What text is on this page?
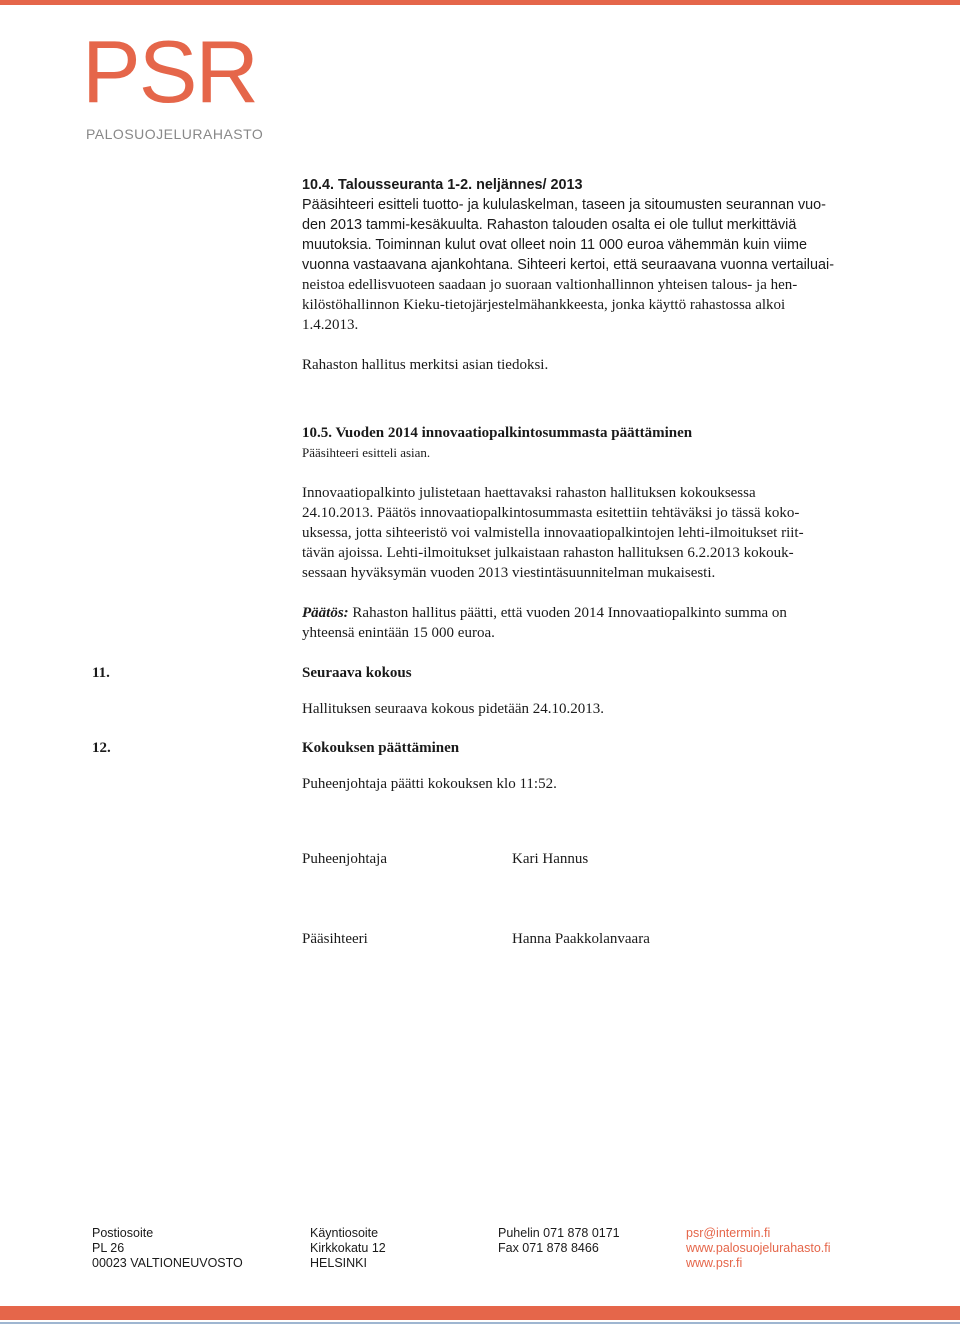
PSR
PALOSUOJELURAHASTO

10.4. Talousseuranta 1-2. neljännes/ 2013

Pääsihteeri esitteli tuotto- ja kululaskelman, taseen ja sitoumusten seurannan vuo-

den 2013 tammi-kesäkuulta. Rahaston talouden osalta ei ole tullut merkittäviä

muutoksia. Toiminnan kulut ovat olleet noin 11 000 euroa vähemmän kuin viime

vuonna vastaavana ajankohtana. Sihteeri kertoi, että seuraavana vuonna vertailuai-

neistoa edellisvuoteen saadaan jo suoraan valtionhallinnon yhteisen talous- ja hen-

kilöstöhallinnon Kieku-tietojärjestelmähankkeesta, jonka käyttö rahastossa alkoi

1.4.2013.

Rahaston hallitus merkitsi asian tiedoksi.

10.5. Vuoden 2014 innovaatiopalkintosummasta päättäminen

Pääsihteeri esitteli asian.

Innovaatiopalkinto julistetaan haettavaksi rahaston hallituksen kokouksessa

24.10.2013. Päätös innovaatiopalkintosummasta esitettiin tehtäväksi jo tässä koko-

uksessa, jotta sihteeristö voi valmistella innovaatiopalkintojen lehti-ilmoitukset riit-

tävän ajoissa. Lehti-ilmoitukset julkaistaan rahaston hallituksen 6.2.2013 kokouk-

sessaan hyväksymän vuoden 2013 viestintäsuunnitelman mukaisesti.

Päätös: Rahaston hallitus päätti, että vuoden 2014 Innovaatiopalkinto summa on

yhteensä enintään 15 000 euroa.

11.	Seuraava kokous
Hallituksen seuraava kokous pidetään 24.10.2013.
12.	Kokouksen päättäminen
Puheenjohtaja päätti kokouksen klo 11:52.
Puheenjohtaja	Kari Hannus
Pääsihteeri	Hanna Paakkolanvaara
Postiosoite
PL 26
00023 VALTIONEUVOSTO
Käyntiosoite
Kirkkokatu 12
HELSINKI
Puhelin 071 878 0171
Fax 071 878 8466
psr@intermin.fi
www.palosuojelurahasto.fi
www.psr.fi
